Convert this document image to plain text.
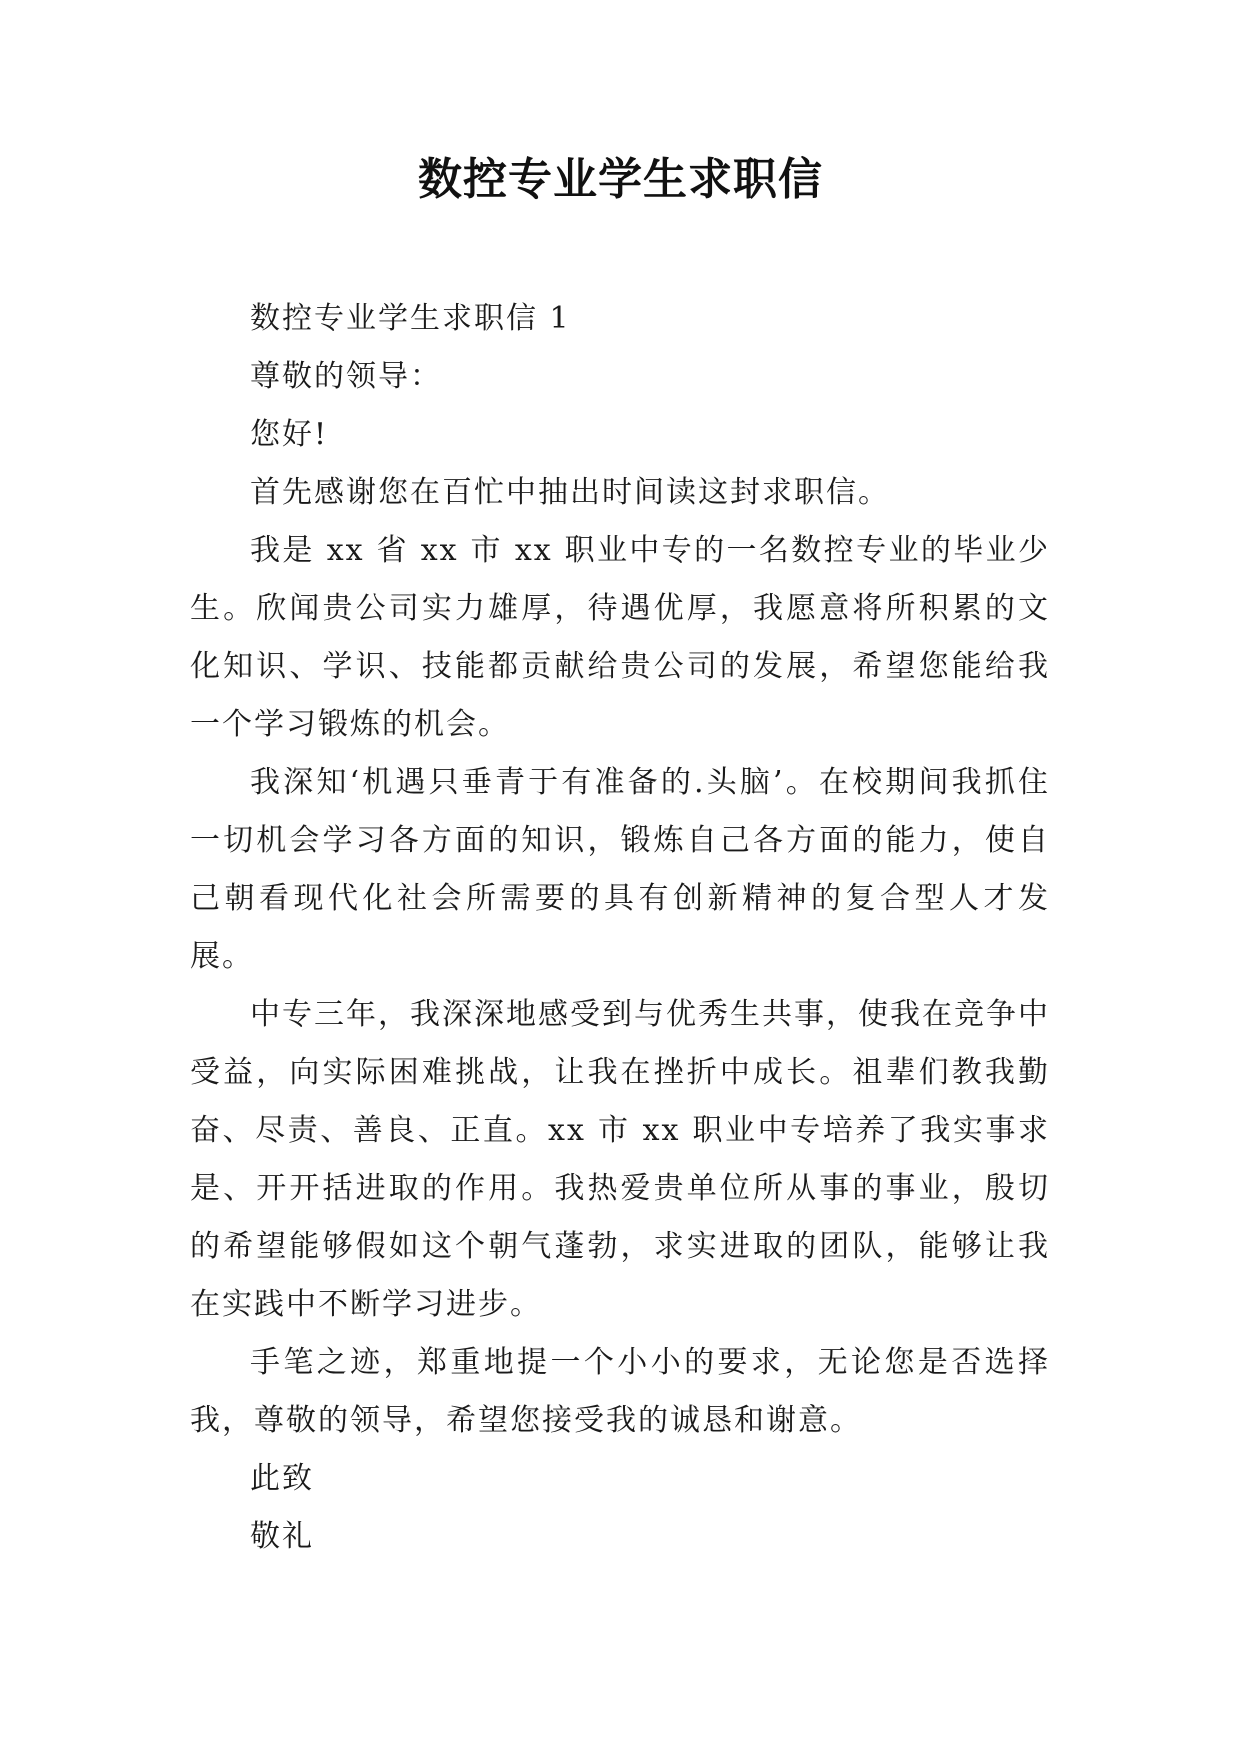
数控专业学生求职信

数控专业学生求职信 1

尊敬的领导：

您好!

首先感谢您在百忙中抽出时间读这封求职信。

我是 xx 省 xx 市 xx 职业中专的一名数控专业的毕业少生。欣闻贵公司实力雄厚，待遇优厚，我愿意将所积累的文化知识、学识、技能都贡献给贵公司的发展，希望您能给我一个学习锻炼的机会。

我深知‘机遇只垂青于有准备的.头脑’。在校期间我抓住一切机会学习各方面的知识，锻炼自己各方面的能力，使自己朝看现代化社会所需要的具有创新精神的复合型人才发展。

中专三年，我深深地感受到与优秀生共事，使我在竞争中受益，向实际困难挑战，让我在挫折中成长。祖辈们教我勤奋、尽责、善良、正直。xx 市 xx 职业中专培养了我实事求是、开开括进取的作用。我热爱贵单位所从事的事业，殷切的希望能够假如这个朝气蓬勃，求实进取的团队，能够让我在实践中不断学习进步。

手笔之迹，郑重地提一个小小的要求，无论您是否选择我，尊敬的领导，希望您接受我的诚恳和谢意。

此致

敬礼
